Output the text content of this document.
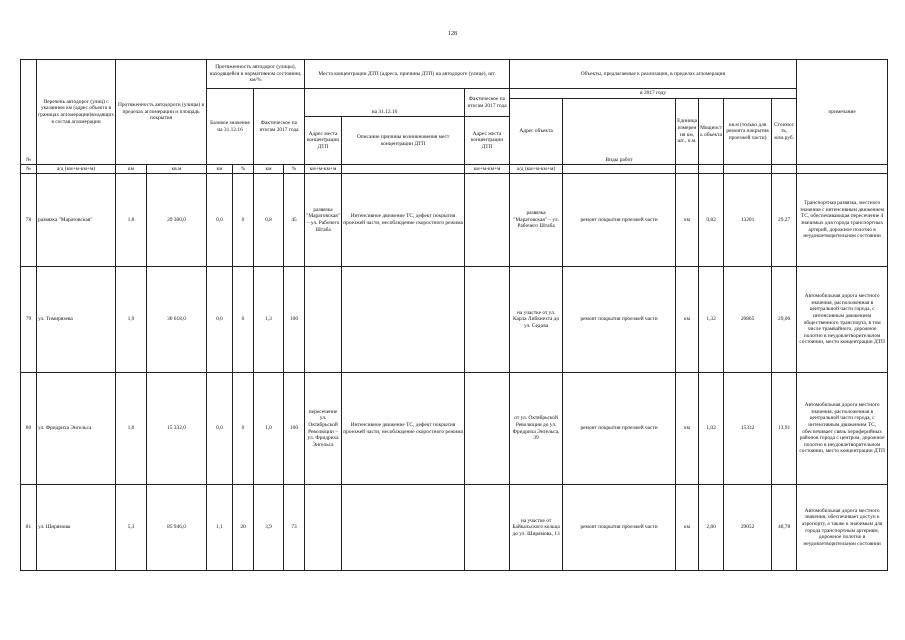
128
№	Перечень автодорог (улиц) с указанием км (адрес объекта в границах агломерации)входящих в состав агломерации	Протяженность автодороги (улицы) в пределах агломерации и площадь покрытия		Протяженность автодорог (улицы), находящейся в нормативном состоянии, км/%				Места концентрации ДТП (адреса, причины ДТП) на автодороге (улице), шт.			Объекты, предлагаемые к реализации, в пределах агломерации						примечание
				Базовое значение на 31.12.16		Фактическое по итогам 2017 года		на 31.12.16		Фактическое по итогам 2017 года	в 2017 году						
											Адрес объекта	Виды работ	Единица измерения км, шт., п.м.	Мощность объекта	кв.м (только для ремонта покрытия проезжей части)	Стоимость, млн.руб.	
								Адрес места концентрации ДТП	Описание причины возникновения мест концентрации ДТП	Адрес места концентрации ДТП							
№	а/д (км+м-км+м)	км	кв.м	км	%	км	%	км+м-км+м		км+м-км+м	а/д (км+м-км+м)						
78	развязка "Маратовская"	1,8	29 300,0	0,0	0	0,8	45	развязка "Маратовская" – ул. Рабочего Штаба	Интенсивное движение ТС, дефект покрытия проезжей части, несоблюдение скоростного режима		развязка "Маратовская" – ул. Рабочего Штаба	ремонт покрытия проезжей части	км	0,82	13201	29,27	Транспортная развязка, местного значения с интенсивным движением ТС, обеспечивающая пересечение 4 значимых для города транспортных артерий, дорожное полотно в неудовлетворительном состоянии
79	ул. Тимирязева	1,9	30 618,0	0,0	0	1,3	100				на участке от ул. Карла Либкнехта до ул. Седова	ремонт покрытия проезжей части	км	1,32	20865	29,06	Автомобильная дорога местного значения, расположенная в центральной части города, с интенсивным движением общественного транспорта, в том числе трамвайного, дорожное полотно в неудовлетворительном состоянии, место концентрации ДТП
80	ул. Фридриха Энгельса	1,0	15 332,0	0,0	0	1,0	100	пересечение ул. Октябрьской Революции – ул. Фридриха Энгельса	Интенсивное движение ТС, дефект покрытия проезжей части, несоблюдение скоростного режима		от ул. Октябрьской Революции до ул. Фридриха Энгельса, 39	ремонт покрытия проезжей части	км	1,02	15332	13,91	Автомобильная дорога местного значения, расположенная в центральной части города, с интенсивным движением ТС, обеспечивает связь периферийных районов города с центром, дорожное полотно в неудовлетворительном состоянии, место концентрации ДТП
81	ул. Ширямова	5,3	85 946,0	1,1	20	3,9	73				на участке от Байкальского кольца до ул. Ширямова, 13	ремонт покрытия проезжей части	км	2,80	29052	48,78	Автомобильная дорога местного значения, обеспечивает доступ к аэропорту, а также к значимым для города транспортным артериям, дорожное полотно в неудовлетворительном состоянии
